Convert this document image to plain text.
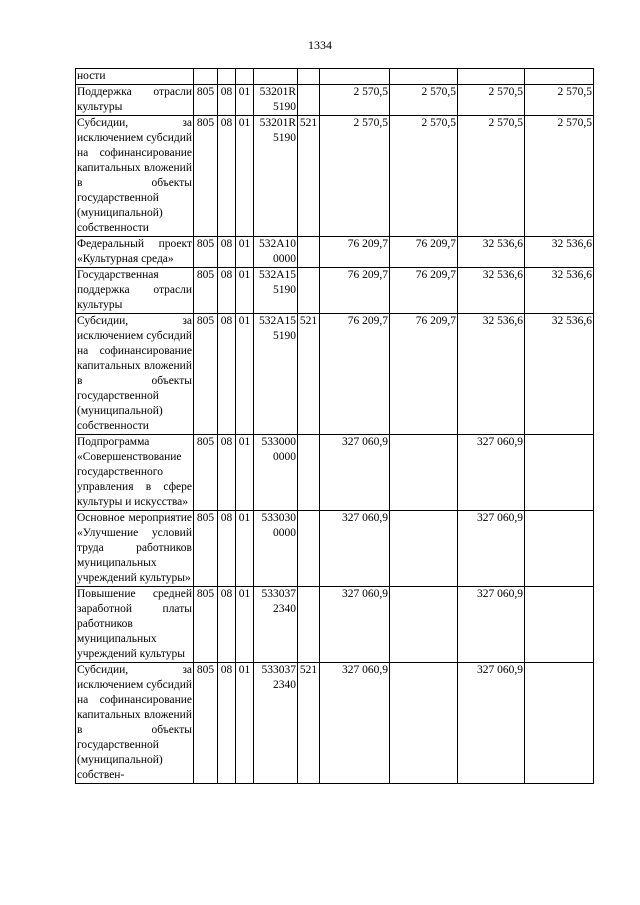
1334
ности									
Поддержка отрасли культуры	805	08	01	53201R 5190		2 570,5	2 570,5	2 570,5	2 570,5
Субсидии, за исключением субсидий на софинансирование капитальных вложений в объекты государственной (муниципальной) собственности	805	08	01	53201R 5190	521	2 570,5	2 570,5	2 570,5	2 570,5
Федеральный проект «Культурная среда»	805	08	01	532А10 0000		76 209,7	76 209,7	32 536,6	32 536,6
Государственная поддержка отрасли культуры	805	08	01	532А15 5190		76 209,7	76 209,7	32 536,6	32 536,6
Субсидии, за исключением субсидий на софинансирование капитальных вложений в объекты государственной (муниципальной) собственности	805	08	01	532А15 5190	521	76 209,7	76 209,7	32 536,6	32 536,6
Подпрограмма «Совершенствование государственного управления в сфере культуры и искусства»	805	08	01	533000 0000		327 060,9		327 060,9	
Основное мероприятие «Улучшение условий труда работников муниципальных учреждений культуры»	805	08	01	533030 0000		327 060,9		327 060,9	
Повышение средней заработной платы работников муниципальных учреждений культуры	805	08	01	533037 2340		327 060,9		327 060,9	
Субсидии, за исключением субсидий на софинансирование капитальных вложений в объекты государственной (муниципальной) собствен-	805	08	01	533037 2340	521	327 060,9		327 060,9	
